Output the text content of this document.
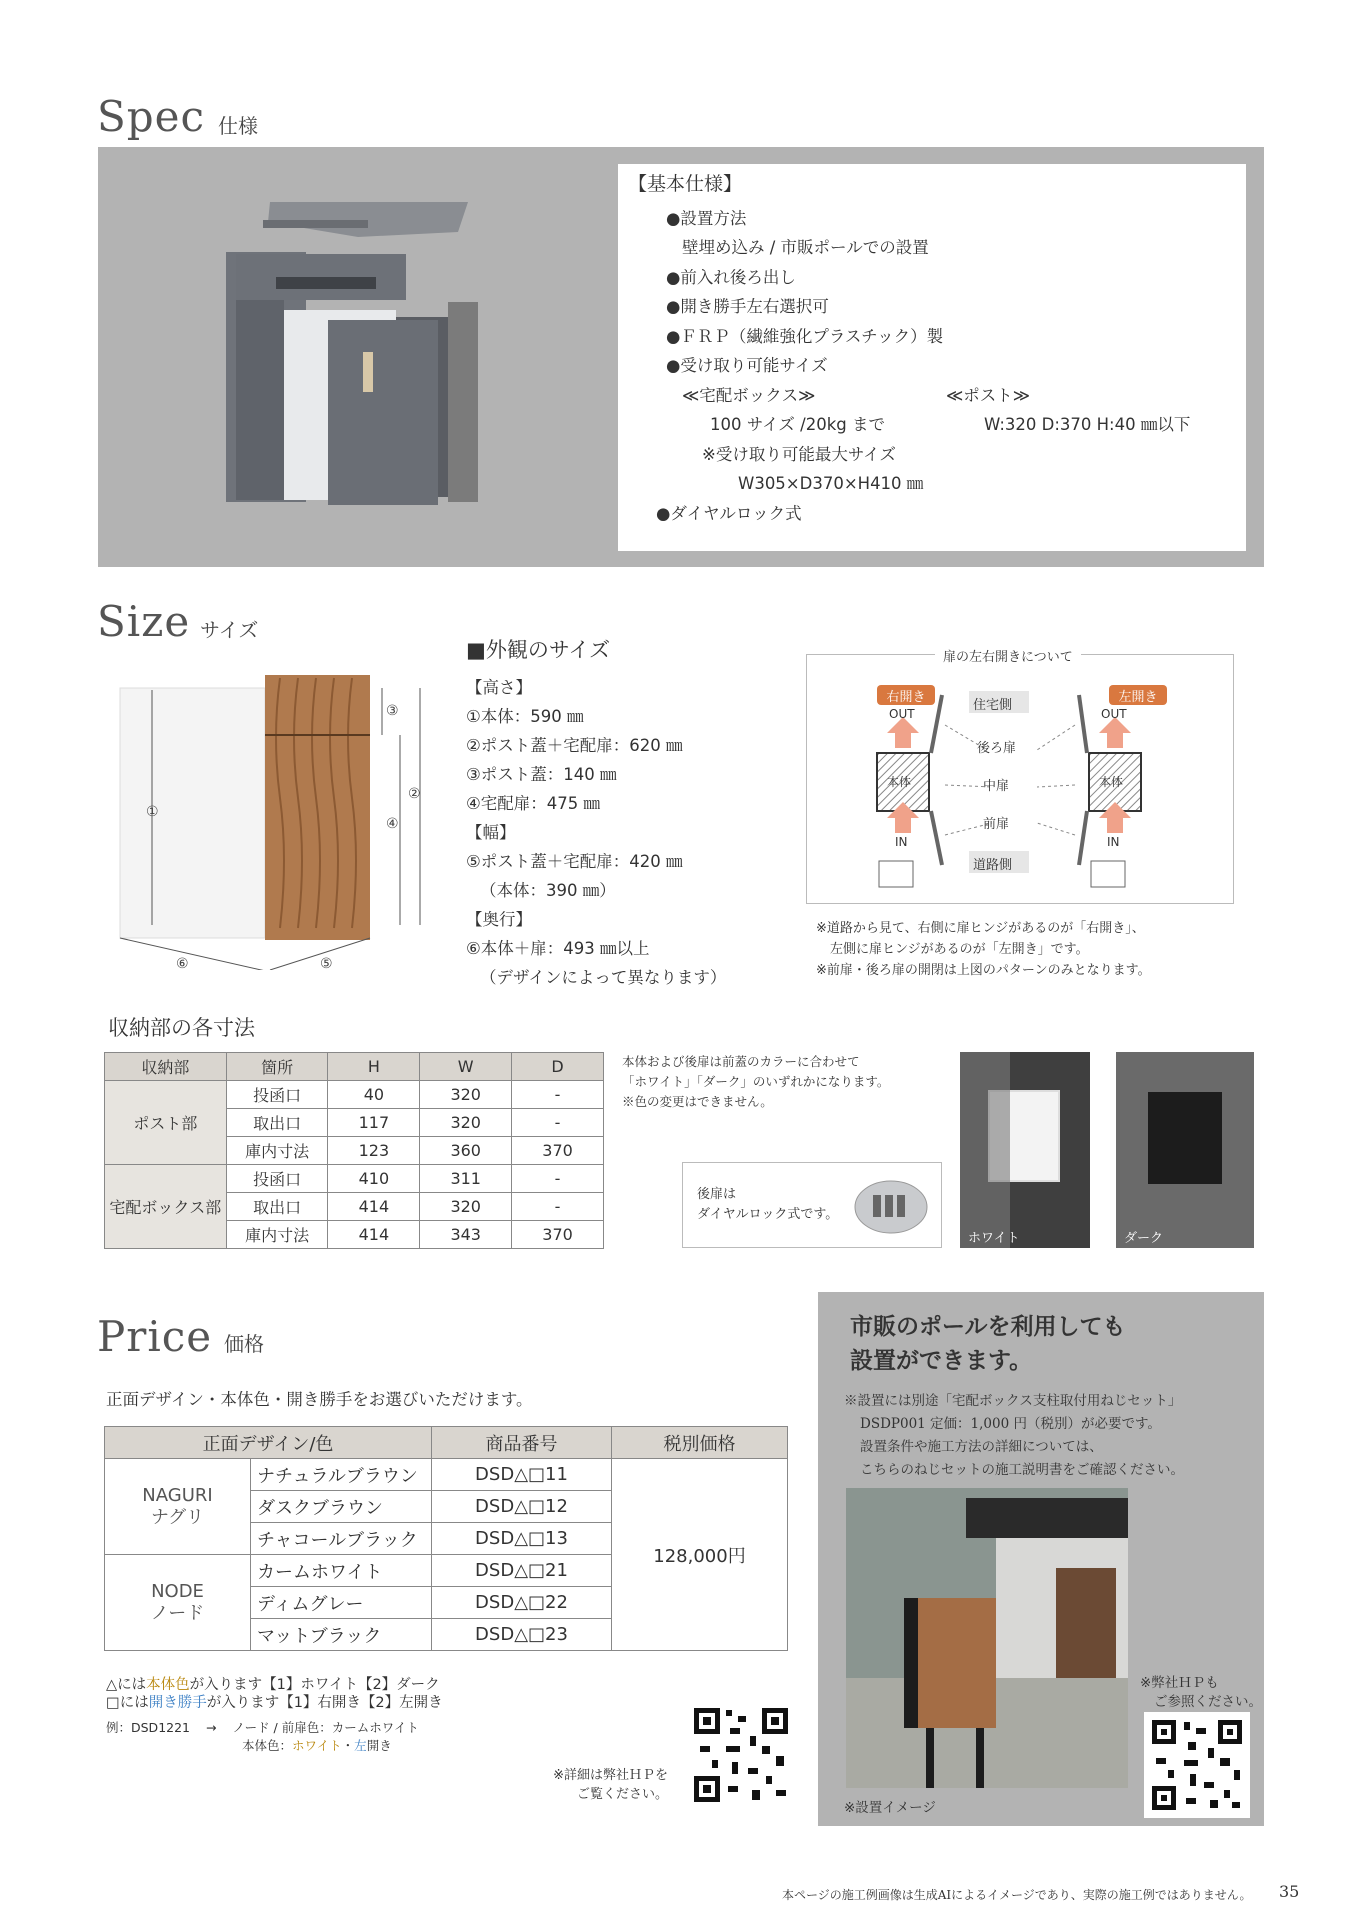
Spec 仕様
【基本仕様】
●設置方法
壁埋め込み / 市販ポールでの設置
●前入れ後ろ出し
●開き勝手左右選択可
●ＦＲＰ（繊維強化プラスチック）製
●受け取り可能サイズ
≪宅配ボックス≫	≪ポスト≫
100 サイズ /20kg まで	W:320 D:370 H:40 ㎜以下
※受け取り可能最大サイズ
W305×D370×H410 ㎜
●ダイヤルロック式
Size サイズ
①
②
③
④
⑤
⑥
■外観のサイズ
【高さ】
①本体：590 ㎜
②ポスト蓋＋宅配扉：620 ㎜
③ポスト蓋：140 ㎜
④宅配扉：475 ㎜
【幅】
⑤ポスト蓋＋宅配扉：420 ㎜
（本体：390 ㎜）
【奥行】
⑥本体＋扉：493 ㎜以上
（デザインによって異なります）
扉の左右開きについて
右開き	左開き
OUT	OUT
本体	本体
IN	IN
住宅側
後ろ扉
中扉
前扉
道路側
※道路から見て、右側に扉ヒンジがあるのが「右開き」、
左側に扉ヒンジがあるのが「左開き」です。
※前扉・後ろ扉の開閉は上図のパターンのみとなります。
収納部の各寸法
収納部	箇所	H	W	D
ポスト部	投函口	40	320	-
	取出口	117	320	-
	庫内寸法	123	360	370
宅配ボックス部	投函口	410	311	-
	取出口	414	320	-
	庫内寸法	414	343	370
本体および後扉は前蓋のカラーに合わせて
「ホワイト」「ダーク」のいずれかになります。
※色の変更はできません。
後扉は
ダイヤルロック式です。
ホワイト	ダーク
Price 価格
正面デザイン・本体色・開き勝手をお選びいただけます。
正面デザイン/色		商品番号	税別価格

NAGURI
ナグリ	ナチュラルブラウン	DSD△□11	128,000円
	ダスクブラウン	DSD△□12	
	チャコールブラック	DSD△□13	

NODE
ノード	カームホワイト	DSD△□21	
	ディムグレー	DSD△□22	
	マットブラック	DSD△□23	
△には本体色が入ります【1】ホワイト【2】ダーク
□には開き勝手が入ります【1】右開き【2】左開き
例：DSD1221 → ノード / 前扉色：カームホワイト
本体色：ホワイト・左開き
※詳細は弊社ＨＰを
ご覧ください。
市販のポールを利用しても
設置ができます。
※設置には別途「宅配ボックス支柱取付用ねじセット」
DSDP001 定価：1,000 円（税別）が必要です。
設置条件や施工方法の詳細については、
こちらのねじセットの施工説明書をご確認ください。
※設置イメージ
※弊社ＨＰも
ご参照ください。
本ページの施工例画像は生成AIによるイメージであり、実際の施工例ではありません。 35
